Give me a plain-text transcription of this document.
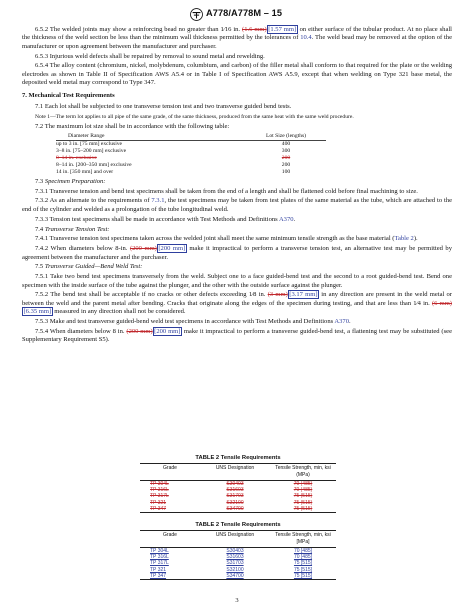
A778/A778M – 15

6.5.2 The welded joints may show a reinforcing bead no greater than 1⁄16 in. (1.6 mm) [1.57 mm] on either surface of the tubular product. At no place shall the thickness of the weld section be less than the minimum wall thickness permitted by the tolerances of 10.4. The weld bead may be removed at the option of the manufacturer or upon agreement between the manufacturer and purchaser.

6.5.3 Injurious weld defects shall be repaired by removal to sound metal and rewelding.

6.5.4 The alloy content (chromium, nickel, molybdenum, columbium, and carbon) of the filler metal shall conform to that required for the plate or the welding electrodes as shown in Table II of Specification AWS A5.4 or in Table I of Specification AWS A5.9, except that when welding on Type 321 base metal, the deposited weld metal may correspond to Type 347.

7. Mechanical Test Requirements

7.1 Each lot shall be subjected to one transverse tension test and two transverse guided bend tests.

Note 1—The term lot applies to all pipe of the same grade, of the same thickness, produced from the same heat with the same weld procedure.

7.2 The maximum lot size shall be in accordance with the following table:

Diameter Range	Lot Size (lengths)
up to 3 in. [75 mm] exclusive	400
3–8 in. [75–200 mm] exclusive	300
8–14 in. exclusive	200
8–14 in. [200–350 mm] exclusive	200
14 in. [350 mm] and over	100

7.3 Specimen Preparation:

7.3.1 Transverse tension and bend test specimens shall be taken from the end of a length and shall be flattened cold before final machining to size.

7.3.2 As an alternate to the requirements of 7.3.1, the test specimens may be taken from test plates of the same material as the tube, which are attached to the end of the cylinder and welded as a prolongation of the tube longitudinal weld.

7.3.3 Tension test specimens shall be made in accordance with Test Methods and Definitions A370.

7.4 Transverse Tension Test:

7.4.1 Transverse tension test specimens taken across the welded joint shall meet the same minimum tensile strength as the base material (Table 2).

7.4.2 When diameters below 8-in. (200 mm) [200 mm] make it impractical to perform a transverse tension test, an alternative test may be permitted by agreement between the manufacturer and the purchaser.

7.5 Transverse Guided—Bend Weld Test:

7.5.1 Take two bend test specimens transversely from the weld. Subject one to a face guided-bend test and the second to a root guided-bend test. Bend one specimen with the inside surface of the tube against the plunger, and the other with the outside surface against the plunger.

7.5.2 The bend test shall be acceptable if no cracks or other defects exceeding 1⁄8 in. (3 mm) [3.17 mm] in any direction are present in the weld metal or between the weld and the parent metal after bending. Cracks that originate along the edges of the specimen during testing, and that are less than 1⁄4 in. (6 mm)[6.35 mm] measured in any direction shall not be considered.

7.5.3 Make and test transverse guided-bend weld test specimens in accordance with Test Methods and Definitions A370.

7.5.4 When diameters below 8 in. (200 mm) [200 mm] make it impractical to perform a transverse guided-bend test, a flattening test may be substituted (see Supplementary Requirement S5).

TABLE 2 Tensile Requirements
Grade	UNS Designation	Tensile Strength, min, ksi (MPa)
TP 304L	S30403	70 (485)
TP 316L	S31603	70 (485)
TP 317L	S31703	75 (515)
TP 321	S32100	75 (515)
TP 347	S34700	75 (515)
TABLE 2 Tensile Requirements
Grade	UNS Designation	Tensile Strength, min, ksi [MPa]
TP 304L	S30403	70 [485]
TP 316L	S31603	70 [485]
TP 317L	S31703	75 [515]
TP 321	S32100	75 [515]
TP 347	S34700	75 [515]
3
